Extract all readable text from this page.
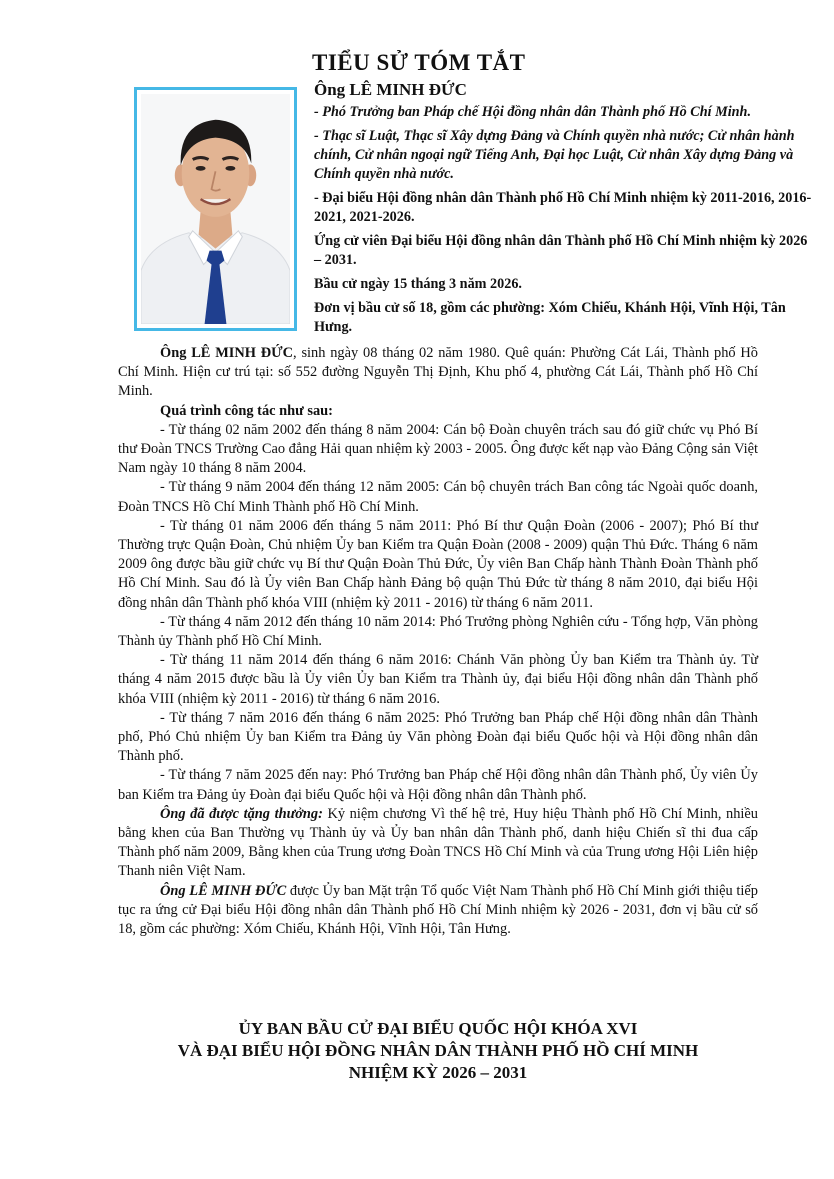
TIỂU SỬ TÓM TẮT
Ông LÊ MINH ĐỨC

- Phó Trưởng ban Pháp chế Hội đồng nhân dân Thành phố Hồ Chí Minh.

- Thạc sĩ Luật, Thạc sĩ Xây dựng Đảng và Chính quyền nhà nước; Cử nhân hành chính, Cử nhân ngoại ngữ Tiếng Anh, Đại học Luật, Cử nhân Xây dựng Đảng và Chính quyền nhà nước.

- Đại biểu Hội đồng nhân dân Thành phố Hồ Chí Minh nhiệm kỳ 2011-2016, 2016-2021, 2021-2026.

Ứng cử viên Đại biểu Hội đồng nhân dân Thành phố Hồ Chí Minh nhiệm kỳ 2026 – 2031.

Bầu cử ngày 15 tháng 3 năm 2026.

Đơn vị bầu cử số 18, gồm các phường: Xóm Chiếu, Khánh Hội, Vĩnh Hội, Tân Hưng.

Ông LÊ MINH ĐỨC, sinh ngày 08 tháng 02 năm 1980. Quê quán: Phường Cát Lái, Thành phố Hồ Chí Minh. Hiện cư trú tại: số 552 đường Nguyễn Thị Định, Khu phố 4, phường Cát Lái, Thành phố Hồ Chí Minh.

Quá trình công tác như sau:

- Từ tháng 02 năm 2002 đến tháng 8 năm 2004: Cán bộ Đoàn chuyên trách sau đó giữ chức vụ Phó Bí thư Đoàn TNCS Trường Cao đẳng Hải quan nhiệm kỳ 2003 - 2005. Ông được kết nạp vào Đảng Cộng sản Việt Nam ngày 10 tháng 8 năm 2004.

- Từ tháng 9 năm 2004 đến tháng 12 năm 2005: Cán bộ chuyên trách Ban công tác Ngoài quốc doanh, Đoàn TNCS Hồ Chí Minh Thành phố Hồ Chí Minh.

- Từ tháng 01 năm 2006 đến tháng 5 năm 2011: Phó Bí thư Quận Đoàn (2006 - 2007); Phó Bí thư Thường trực Quận Đoàn, Chủ nhiệm Ủy ban Kiểm tra Quận Đoàn (2008 - 2009) quận Thủ Đức. Tháng 6 năm 2009 ông được bầu giữ chức vụ Bí thư Quận Đoàn Thủ Đức, Ủy viên Ban Chấp hành Thành Đoàn Thành phố Hồ Chí Minh. Sau đó là Ủy viên Ban Chấp hành Đảng bộ quận Thủ Đức từ tháng 8 năm 2010, đại biểu Hội đồng nhân dân Thành phố khóa VIII (nhiệm kỳ 2011 - 2016) từ tháng 6 năm 2011.

- Từ tháng 4 năm 2012 đến tháng 10 năm 2014: Phó Trưởng phòng Nghiên cứu - Tổng hợp, Văn phòng Thành ủy Thành phố Hồ Chí Minh.

- Từ tháng 11 năm 2014 đến tháng 6 năm 2016: Chánh Văn phòng Ủy ban Kiểm tra Thành ủy. Từ tháng 4 năm 2015 được bầu là Ủy viên Ủy ban Kiểm tra Thành ủy, đại biểu Hội đồng nhân dân Thành phố khóa VIII (nhiệm kỳ 2011 - 2016) từ tháng 6 năm 2016.

- Từ tháng 7 năm 2016 đến tháng 6 năm 2025: Phó Trưởng ban Pháp chế Hội đồng nhân dân Thành phố, Phó Chủ nhiệm Ủy ban Kiểm tra Đảng ủy Văn phòng Đoàn đại biểu Quốc hội và Hội đồng nhân dân Thành phố.

- Từ tháng 7 năm 2025 đến nay: Phó Trưởng ban Pháp chế Hội đồng nhân dân Thành phố, Ủy viên Ủy ban Kiểm tra Đảng ủy Đoàn đại biểu Quốc hội và Hội đồng nhân dân Thành phố.

Ông đã được tặng thưởng: Kỷ niệm chương Vì thế hệ trẻ, Huy hiệu Thành phố Hồ Chí Minh, nhiều bằng khen của Ban Thường vụ Thành ủy và Ủy ban nhân dân Thành phố, danh hiệu Chiến sĩ thi đua cấp Thành phố năm 2009, Bằng khen của Trung ương Đoàn TNCS Hồ Chí Minh và của Trung ương Hội Liên hiệp Thanh niên Việt Nam.

Ông LÊ MINH ĐỨC được Ủy ban Mặt trận Tổ quốc Việt Nam Thành phố Hồ Chí Minh giới thiệu tiếp tục ra ứng cử Đại biểu Hội đồng nhân dân Thành phố Hồ Chí Minh nhiệm kỳ 2026 - 2031, đơn vị bầu cử số 18, gồm các phường: Xóm Chiếu, Khánh Hội, Vĩnh Hội, Tân Hưng.

ỦY BAN BẦU CỬ ĐẠI BIỂU QUỐC HỘI KHÓA XVI
VÀ ĐẠI BIỂU HỘI ĐỒNG NHÂN DÂN THÀNH PHỐ HỒ CHÍ MINH
NHIỆM KỲ 2026 – 2031
